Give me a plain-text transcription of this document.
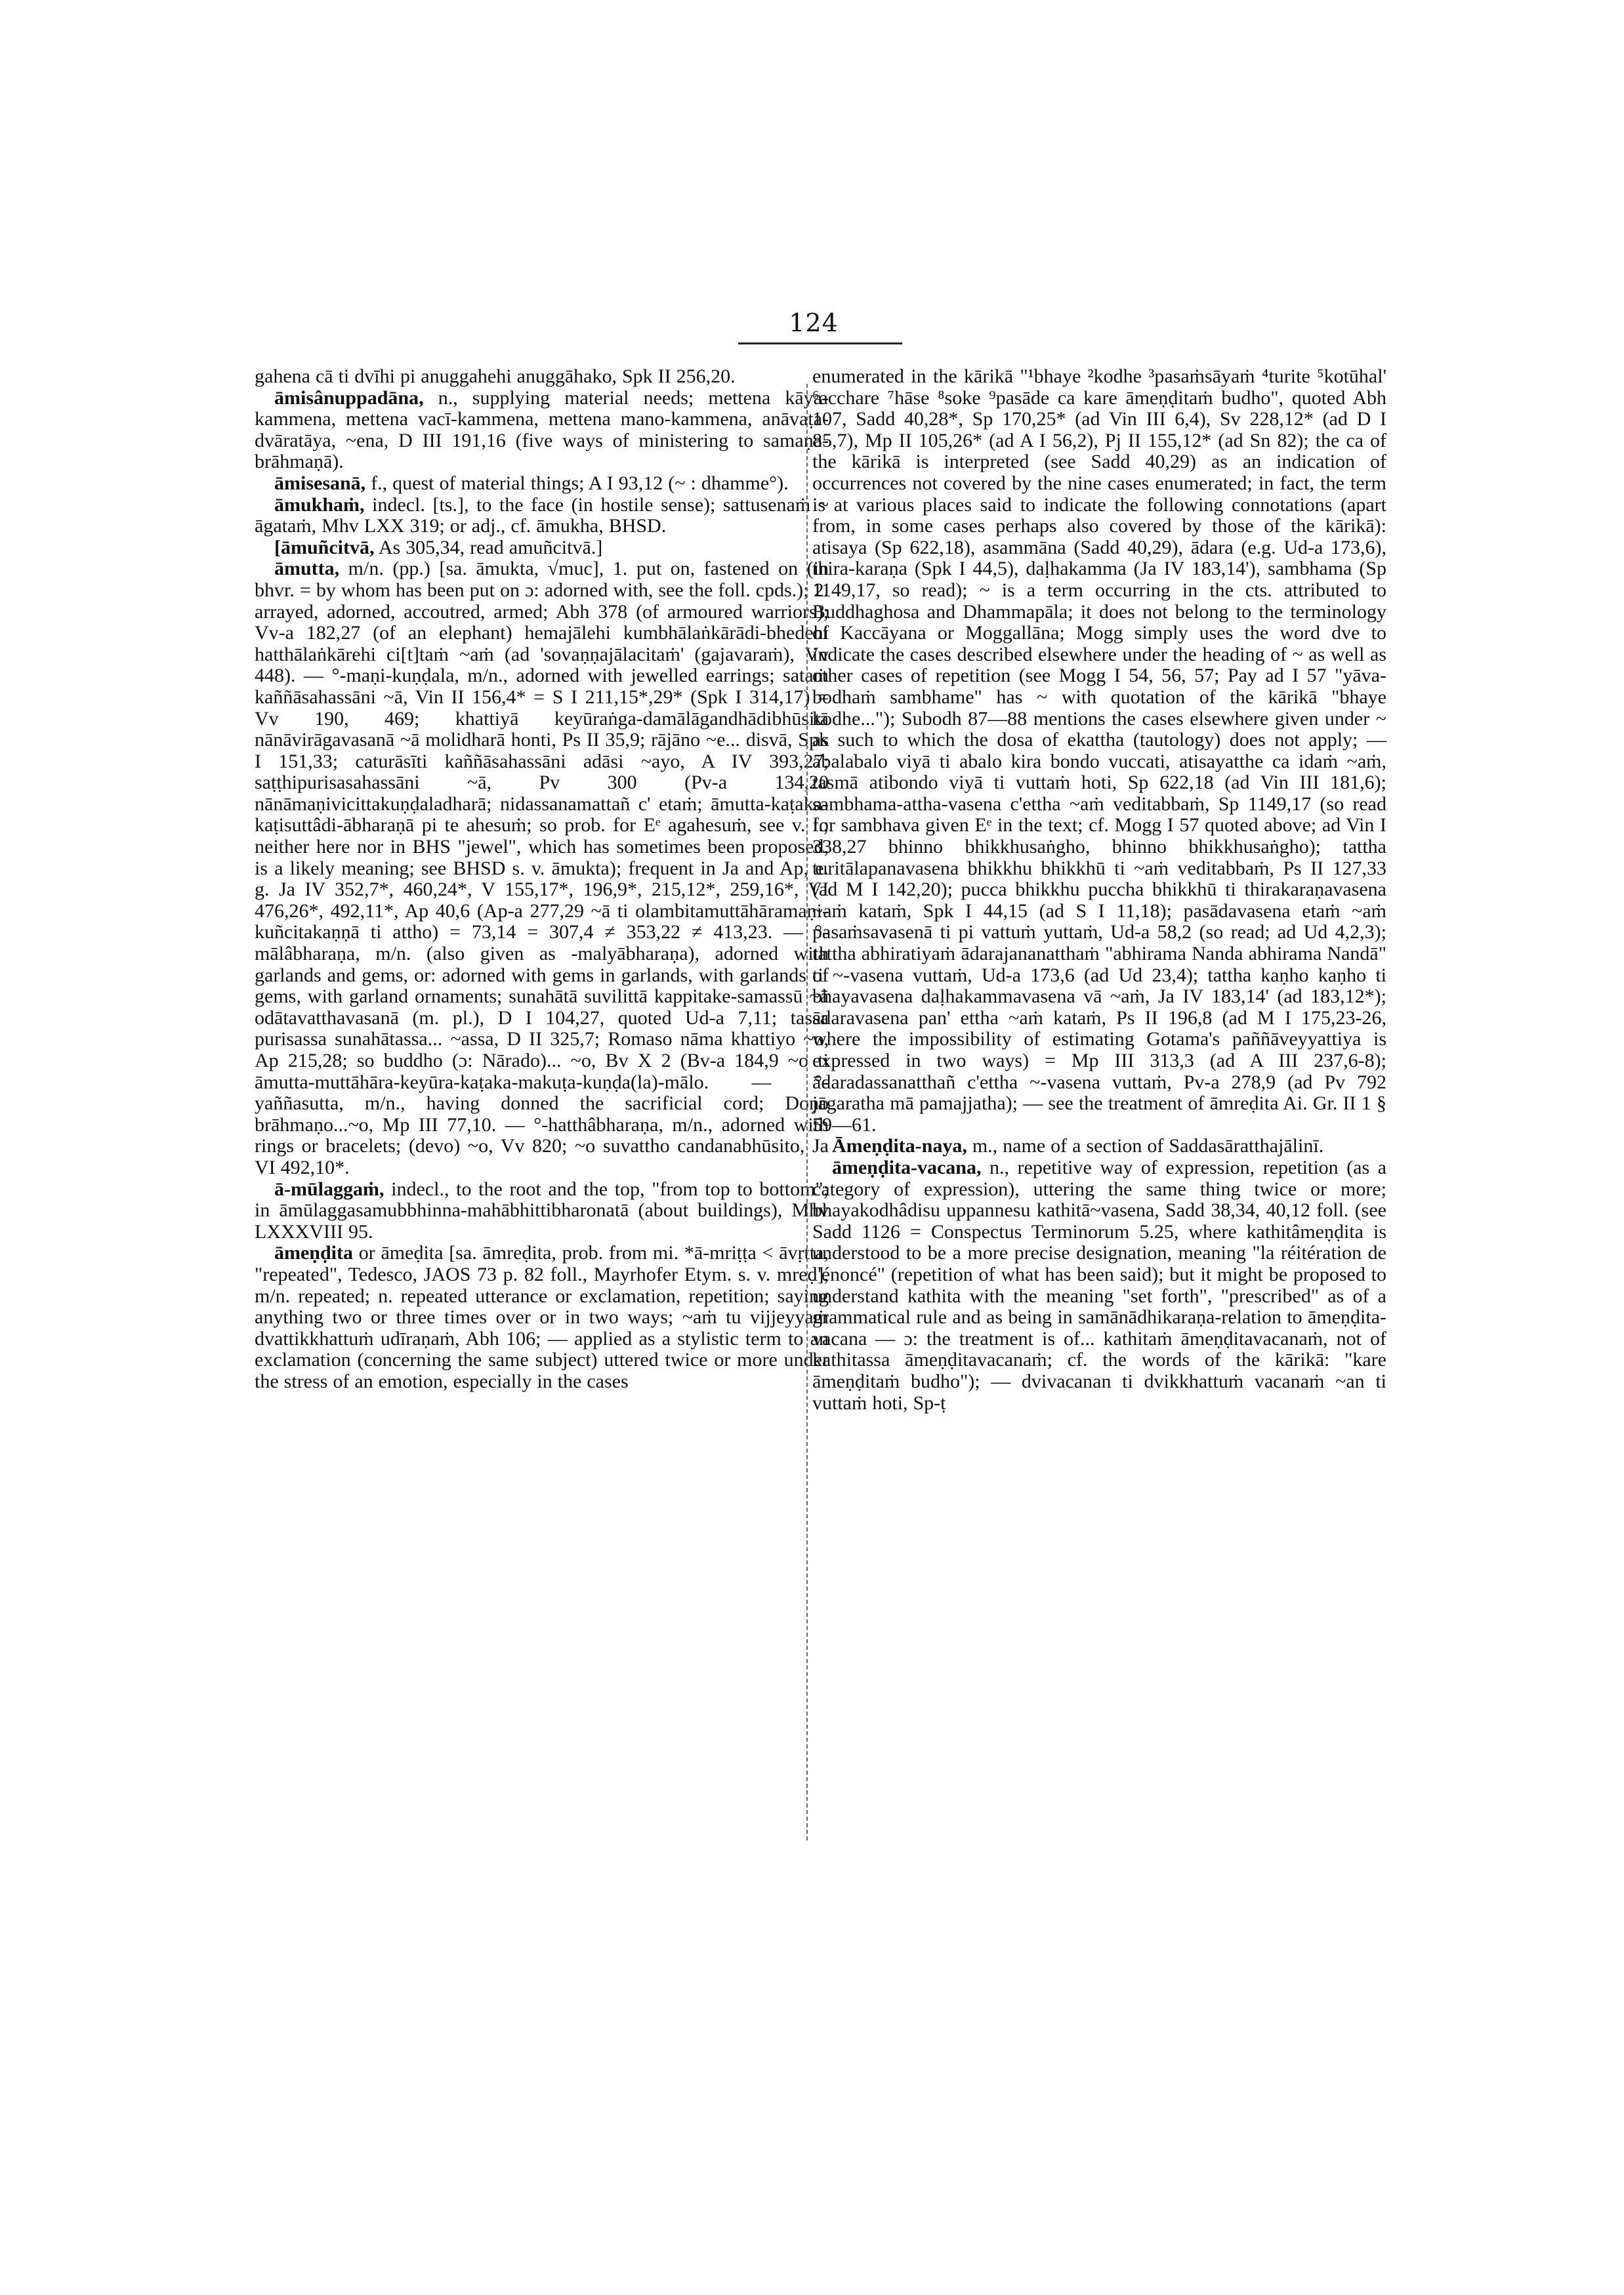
124

gahena cā ti dvīhi pi anuggahehi anuggāhako, Spk II 256,20.

āmisânuppadāna, n., supplying material needs; mettena kāya-kammena, mettena vacī-kammena, mettena mano-kammena, anāvaṭa-dvāratāya, ~ena, D III 191,16 (five ways of ministering to samaṇa-brāhmaṇā).

āmisesanā, f., quest of material things; A I 93,12 (~ : dhamme°).

āmukhaṁ, indecl. [ts.], to the face (in hostile sense); sattusenaṁ ~ āgataṁ, Mhv LXX 319; or adj., cf. āmukha, BHSD.

[āmuñcitvā, As 305,34, read amuñcitvā.]

āmutta, m/n. (pp.) [sa. āmukta, √muc], 1. put on, fastened on (in bhvr. = by whom has been put on ɔ: adorned with, see the foll. cpds.); 2. arrayed, adorned, accoutred, armed; Abh 378 (of armoured warriors); Vv-a 182,27 (of an elephant) hemajālehi kumbhālaṅkārādi-bhedehi hatthālaṅkārehi ci[t]taṁ ~aṁ (ad 'sovaṇṇajālacitaṁ' (gajavaraṁ), Vv 448). — °-maṇi-kuṇḍala, m/n., adorned with jewelled earrings; sataṁ kaññāsahassāni ~ā, Vin II 156,4* = S I 211,15*,29* (Spk I 314,17) = Vv 190, 469; khattiyā keyūraṅga-damālāgandhādibhūsitā nānāvirāgavasanā ~ā molidharā honti, Ps II 35,9; rājāno ~e... disvā, Spk I 151,33; caturāsīti kaññāsahassāni adāsi ~ayo, A IV 393,27; saṭṭhipurisasahassāni ~ā, Pv 300 (Pv-a 134,20 nānāmaṇivicittakuṇḍaladharā; nidassanamattañ c' etaṁ; āmutta-kaṭaka-kaṭisuttâdi-ābharaṇā pi te ahesuṁ; so prob. for Eᵉ agahesuṁ, see v. l.; neither here nor in BHS "jewel", which has sometimes been proposed, is a likely meaning; see BHSD s. v. āmukta); frequent in Ja and Ap, e. g. Ja IV 352,7*, 460,24*, V 155,17*, 196,9*, 215,12*, 259,16*, VI 476,26*, 492,11*, Ap 40,6 (Ap-a 277,29 ~ā ti olambitamuttāhāramaṇi-kuñcitakaṇṇā ti attho) = 73,14 = 307,4 ≠ 353,22 ≠ 413,23. — °-mālâbharaṇa, m/n. (also given as -malyābharaṇa), adorned with garlands and gems, or: adorned with gems in garlands, with garlands of gems, with garland ornaments; sunahātā suvilittā kappitake-samassū ~ā odātavatthavasanā (m. pl.), D I 104,27, quoted Ud-a 7,11; tassa purisassa sunahātassa... ~assa, D II 325,7; Romaso nāma khattiyo ~o, Ap 215,28; so buddho (ɔ: Nārado)... ~o, Bv X 2 (Bv-a 184,9 ~o ti āmutta-muttāhāra-keyūra-kaṭaka-makuṭa-kuṇḍa(la)-mālo. — °-yaññasutta, m/n., having donned the sacrificial cord; Doṇo brāhmaṇo...~o, Mp III 77,10. — °-hatthâbharaṇa, m/n., adorned with rings or bracelets; (devo) ~o, Vv 820; ~o suvattho candanabhūsito, Ja VI 492,10*.

ā-mūlaggaṁ, indecl., to the root and the top, "from top to bottom"; in āmūlaggasamubbhinna-mahābhittibharonatā (about buildings), Mhv LXXXVIII 95.

āmeṇḍita or āmeḍita [sa. āmreḍita, prob. from mi. *ā-mriṭṭa < āvṛtta, "repeated", Tedesco, JAOS 73 p. 82 foll., Mayrhofer Etym. s. v. mreḍ], m/n. repeated; n. repeated utterance or exclamation, repetition; saying anything two or three times over or in two ways; ~aṁ tu vijjeyyaṁ dvattikkhattuṁ udīraṇaṁ, Abh 106; — applied as a stylistic term to an exclamation (concerning the same subject) uttered twice or more under the stress of an emotion, especially in the cases

enumerated in the kārikā "¹bhaye ²kodhe ³pasaṁsāyaṁ ⁴turite ⁵kotūhal' ⁶acchare ⁷hāse ⁸soke ⁹pasāde ca kare āmeṇḍitaṁ budho", quoted Abh 107, Sadd 40,28*, Sp 170,25* (ad Vin III 6,4), Sv 228,12* (ad D I 85,7), Mp II 105,26* (ad A I 56,2), Pj II 155,12* (ad Sn 82); the ca of the kārikā is interpreted (see Sadd 40,29) as an indication of occurrences not covered by the nine cases enumerated; in fact, the term is at various places said to indicate the following connotations (apart from, in some cases perhaps also covered by those of the kārikā): atisaya (Sp 622,18), asammāna (Sadd 40,29), ādara (e.g. Ud-a 173,6), thira-karaṇa (Spk I 44,5), daḷhakamma (Ja IV 183,14'), sambhama (Sp 1149,17, so read); ~ is a term occurring in the cts. attributed to Buddhaghosa and Dhammapāla; it does not belong to the terminology of Kaccāyana or Moggallāna; Mogg simply uses the word dve to indicate the cases described elsewhere under the heading of ~ as well as other cases of repetition (see Mogg I 54, 56, 57; Pay ad I 57 "yāva-bodhaṁ sambhame" has ~ with quotation of the kārikā "bhaye kodhe..."); Subodh 87—88 mentions the cases elsewhere given under ~ as such to which the dosa of ekattha (tautology) does not apply; — abalabalo viyā ti abalo kira bondo vuccati, atisayatthe ca idaṁ ~aṁ, tasmā atibondo viyā ti vuttaṁ hoti, Sp 622,18 (ad Vin III 181,6); sambhama-attha-vasena c'ettha ~aṁ veditabbaṁ, Sp 1149,17 (so read for sambhava given Eᵉ in the text; cf. Mogg I 57 quoted above; ad Vin I 338,27 bhinno bhikkhusaṅgho, bhinno bhikkhusaṅgho); tattha turitālapanavasena bhikkhu bhikkhū ti ~aṁ veditabbaṁ, Ps II 127,33 (ad M I 142,20); pucca bhikkhu puccha bhikkhū ti thirakaraṇavasena ~aṁ kataṁ, Spk I 44,15 (ad S I 11,18); pasādavasena etaṁ ~aṁ pasaṁsavasenā ti pi vattuṁ yuttaṁ, Ud-a 58,2 (so read; ad Ud 4,2,3); tattha abhiratiyaṁ ādarajananatthaṁ "abhirama Nanda abhirama Nandā" ti ~-vasena vuttaṁ, Ud-a 173,6 (ad Ud 23,4); tattha kaṇho kaṇho ti bhayavasena daḷhakammavasena vā ~aṁ, Ja IV 183,14' (ad 183,12*); ādaravasena pan' ettha ~aṁ kataṁ, Ps II 196,8 (ad M I 175,23-26, where the impossibility of estimating Gotama's paññāveyyattiya is expressed in two ways) = Mp III 313,3 (ad A III 237,6-8); ādaradassanatthañ c'ettha ~-vasena vuttaṁ, Pv-a 278,9 (ad Pv 792 jāgaratha mā pamajjatha); — see the treatment of āmreḍita Ai. Gr. II 1 § 59—61.

Āmeṇḍita-naya, m., name of a section of Saddasāratthajālinī.

āmeṇḍita-vacana, n., repetitive way of expression, repetition (as a category of expression), uttering the same thing twice or more; bhayakodhâdisu uppannesu kathitā~vasena, Sadd 38,34, 40,12 foll. (see Sadd 1126 = Conspectus Terminorum 5.25, where kathitâmeṇḍita is understood to be a more precise designation, meaning "la réitération de l'énoncé" (repetition of what has been said); but it might be proposed to understand kathita with the meaning "set forth", "prescribed" as of a grammatical rule and as being in samānādhikaraṇa-relation to āmeṇḍita-vacana — ɔ: the treatment is of... kathitaṁ āmeṇḍitavacanaṁ, not of kathitassa āmeṇḍitavacanaṁ; cf. the words of the kārikā: "kare āmeṇḍitaṁ budho"); — dvivacanan ti dvikkhattuṁ vacanaṁ ~an ti vuttaṁ hoti, Sp-ṭ
